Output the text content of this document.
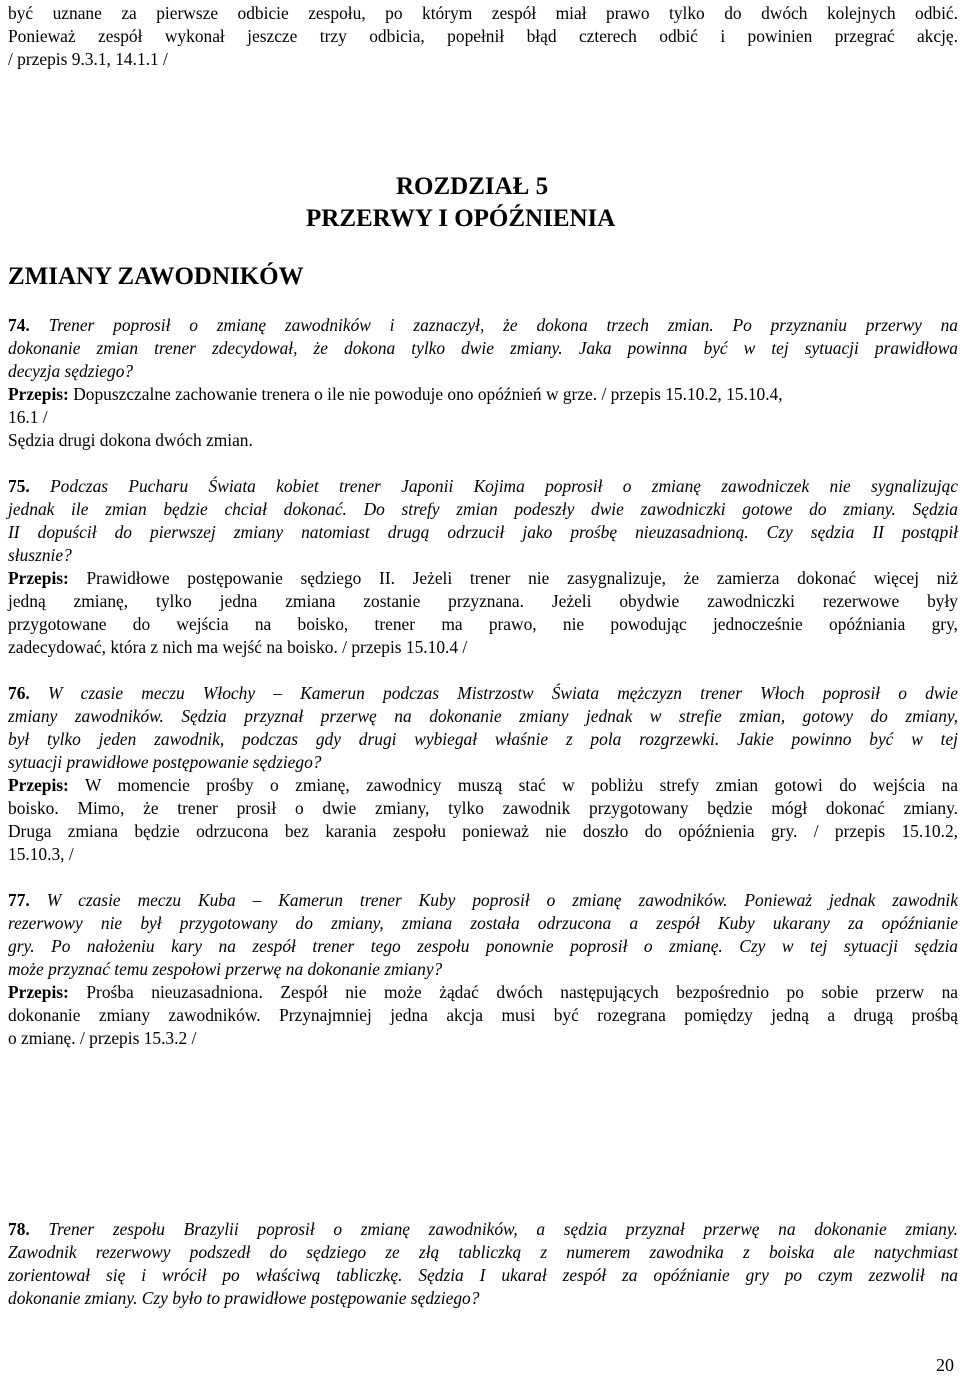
być uznane za pierwsze odbicie zespołu, po którym zespół miał prawo tylko do dwóch kolejnych odbić.
Ponieważ zespół wykonał jeszcze trzy odbicia, popełnił błąd czterech odbić i powinien przegrać akcję.
/ przepis 9.3.1, 14.1.1 /
ROZDZIAŁ 5
PRZERWY I OPÓŹNIENIA
ZMIANY ZAWODNIKÓW
74. Trener poprosił o zmianę zawodników i zaznaczył, że dokona trzech zmian. Po przyznaniu przerwy na
dokonanie zmian trener zdecydował, że dokona tylko dwie zmiany. Jaka powinna być w tej sytuacji prawidłowa
decyzja sędziego?
Przepis: Dopuszczalne zachowanie trenera o ile nie powoduje ono opóźnień w grze. / przepis 15.10.2, 15.10.4,
16.1 /
Sędzia drugi dokona dwóch zmian.
75. Podczas Pucharu Świata kobiet trener Japonii Kojima poprosił o zmianę zawodniczek nie sygnalizując
jednak ile zmian będzie chciał dokonać. Do strefy zmian podeszły dwie zawodniczki gotowe do zmiany. Sędzia
II dopuścił do pierwszej zmiany natomiast drugą odrzucił jako prośbę nieuzasadnioną. Czy sędzia II postąpił
słusznie?
Przepis: Prawidłowe postępowanie sędziego II. Jeżeli trener nie zasygnalizuje, że zamierza dokonać więcej niż
jedną zmianę, tylko jedna zmiana zostanie przyznana. Jeżeli obydwie zawodniczki rezerwowe były
przygotowane do wejścia na boisko, trener ma prawo, nie powodując jednocześnie opóźniania gry,
zadecydować, która z nich ma wejść na boisko. / przepis 15.10.4 /
76. W czasie meczu Włochy – Kamerun podczas Mistrzostw Świata mężczyzn trener Włoch poprosił o dwie
zmiany zawodników. Sędzia przyznał przerwę na dokonanie zmiany jednak w strefie zmian, gotowy do zmiany,
był tylko jeden zawodnik, podczas gdy drugi wybiegał właśnie z pola rozgrzewki. Jakie powinno być w tej
sytuacji prawidłowe postępowanie sędziego?
Przepis: W momencie prośby o zmianę, zawodnicy muszą stać w pobliżu strefy zmian gotowi do wejścia na
boisko. Mimo, że trener prosił o dwie zmiany, tylko zawodnik przygotowany będzie mógł dokonać zmiany.
Druga zmiana będzie odrzucona bez karania zespołu ponieważ nie doszło do opóźnienia gry. / przepis 15.10.2,
15.10.3, /
77. W czasie meczu Kuba – Kamerun trener Kuby poprosił o zmianę zawodników. Ponieważ jednak zawodnik
rezerwowy nie był przygotowany do zmiany, zmiana została odrzucona a zespół Kuby ukarany za opóźnianie
gry. Po nałożeniu kary na zespół trener tego zespołu ponownie poprosił o zmianę. Czy w tej sytuacji sędzia
może przyznać temu zespołowi przerwę na dokonanie zmiany?
Przepis: Prośba nieuzasadniona. Zespół nie może żądać dwóch następujących bezpośrednio po sobie przerw na
dokonanie zmiany zawodników. Przynajmniej jedna akcja musi być rozegrana pomiędzy jedną a drugą prośbą
o zmianę. / przepis 15.3.2 /
78. Trener zespołu Brazylii poprosił o zmianę zawodników, a sędzia przyznał przerwę na dokonanie zmiany.
Zawodnik rezerwowy podszedł do sędziego ze złą tabliczką z numerem zawodnika z boiska ale natychmiast
zorientował się i wrócił po właściwą tabliczkę. Sędzia I ukarał zespół za opóźnianie gry po czym zezwolił na
dokonanie zmiany. Czy było to prawidłowe postępowanie sędziego?
20
